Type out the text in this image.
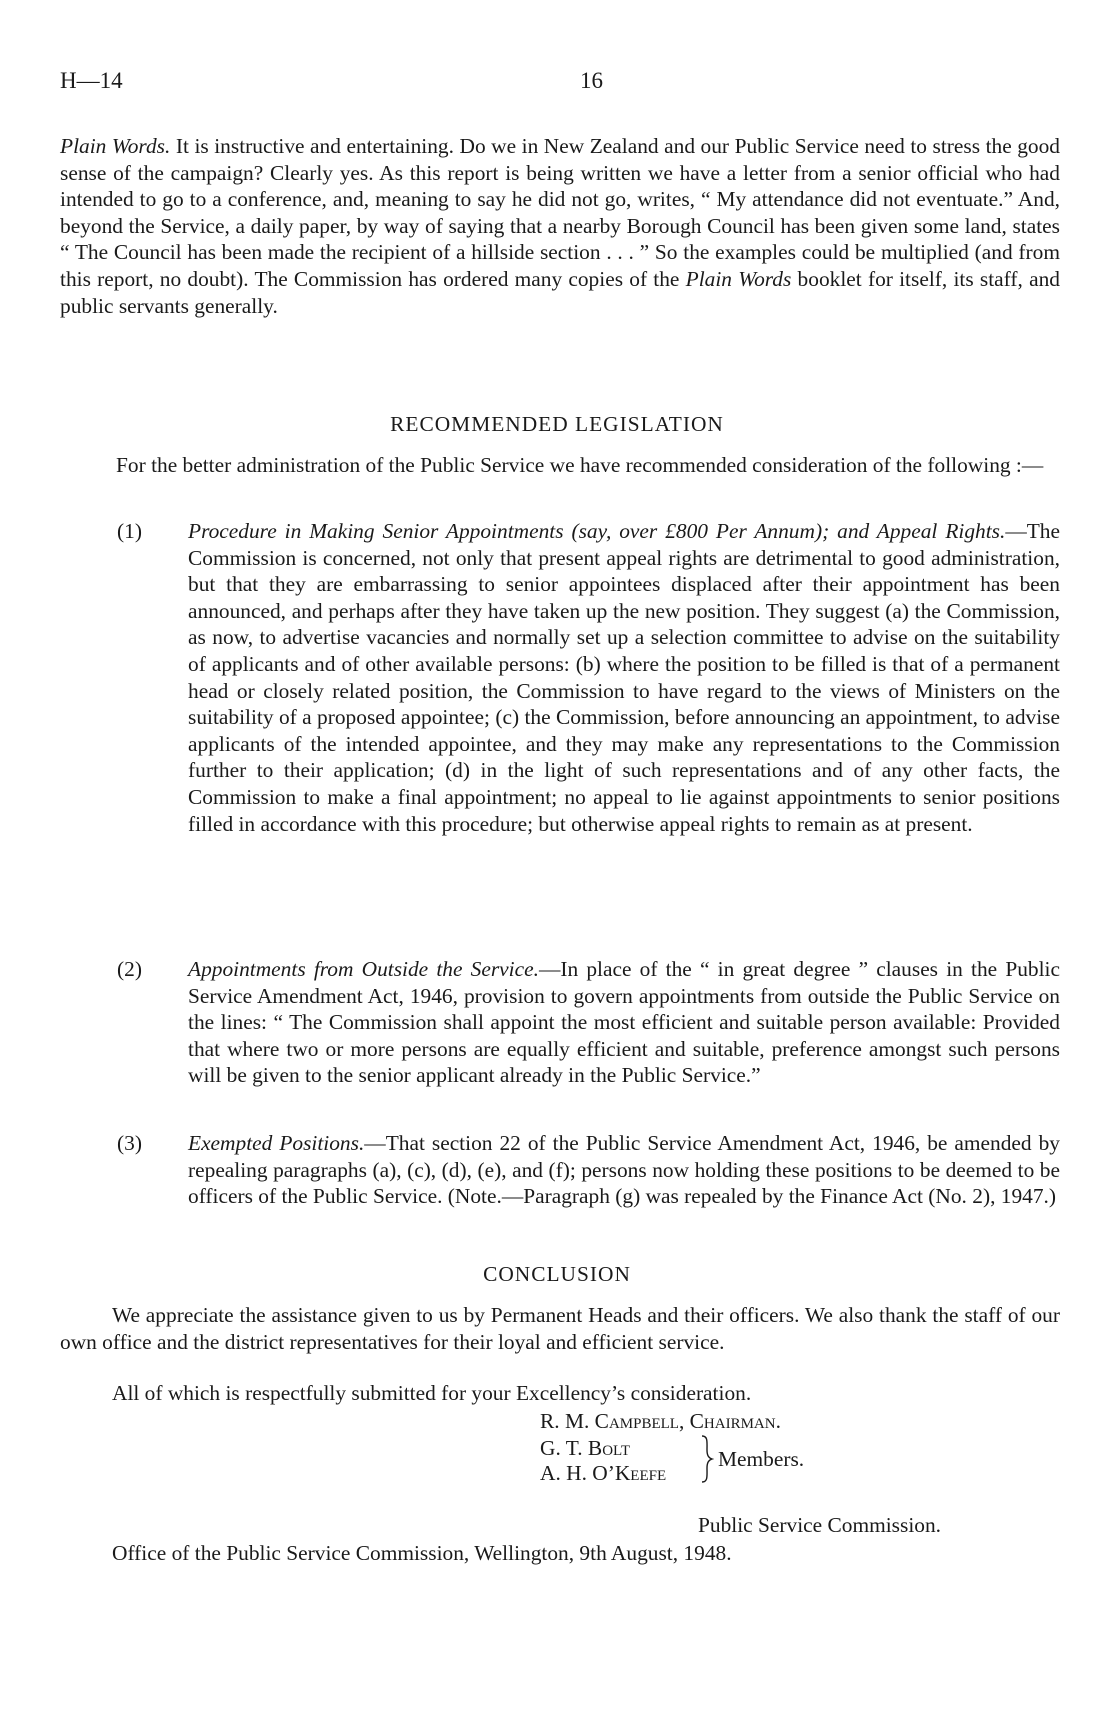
H—14	16

Plain Words. It is instructive and entertaining. Do we in New Zealand and our Public Service need to stress the good sense of the campaign? Clearly yes. As this report is being written we have a letter from a senior official who had intended to go to a conference, and, meaning to say he did not go, writes, “ My attendance did not eventuate.” And, beyond the Service, a daily paper, by way of saying that a nearby Borough Council has been given some land, states “ The Council has been made the recipient of a hillside section . . . ” So the examples could be multiplied (and from this report, no doubt). The Commission has ordered many copies of the Plain Words booklet for itself, its staff, and public servants generally.

RECOMMENDED LEGISLATION

For the better administration of the Public Service we have recommended consideration of the following :—

(1) Procedure in Making Senior Appointments (say, over £800 Per Annum); and Appeal Rights.—The Commission is concerned, not only that present appeal rights are detrimental to good administration, but that they are embarrassing to senior appointees displaced after their appointment has been announced, and perhaps after they have taken up the new position. They suggest (a) the Commission, as now, to advertise vacancies and normally set up a selection committee to advise on the suitability of applicants and of other available persons: (b) where the position to be filled is that of a permanent head or closely related position, the Commission to have regard to the views of Ministers on the suitability of a proposed appointee; (c) the Commission, before announcing an appointment, to advise applicants of the intended appointee, and they may make any representations to the Commission further to their application; (d) in the light of such representations and of any other facts, the Commission to make a final appointment; no appeal to lie against appointments to senior positions filled in accordance with this procedure; but otherwise appeal rights to remain as at present.

(2) Appointments from Outside the Service.—In place of the “ in great degree ” clauses in the Public Service Amendment Act, 1946, provision to govern appointments from outside the Public Service on the lines: “ The Commission shall appoint the most efficient and suitable person available: Provided that where two or more persons are equally efficient and suitable, preference amongst such persons will be given to the senior applicant already in the Public Service.”

(3) Exempted Positions.—That section 22 of the Public Service Amendment Act, 1946, be amended by repealing paragraphs (a), (c), (d), (e), and (f); persons now holding these positions to be deemed to be officers of the Public Service. (Note.—Paragraph (g) was repealed by the Finance Act (No. 2), 1947.)

CONCLUSION

We appreciate the assistance given to us by Permanent Heads and their officers. We also thank the staff of our own office and the district representatives for their loyal and efficient service.

All of which is respectfully submitted for your Excellency’s consideration.

R. M. Campbell, Chairman.
G. T. Bolt
A. H. O’Keefe
Members.
Public Service Commission.
Office of the Public Service Commission, Wellington, 9th August, 1948.
